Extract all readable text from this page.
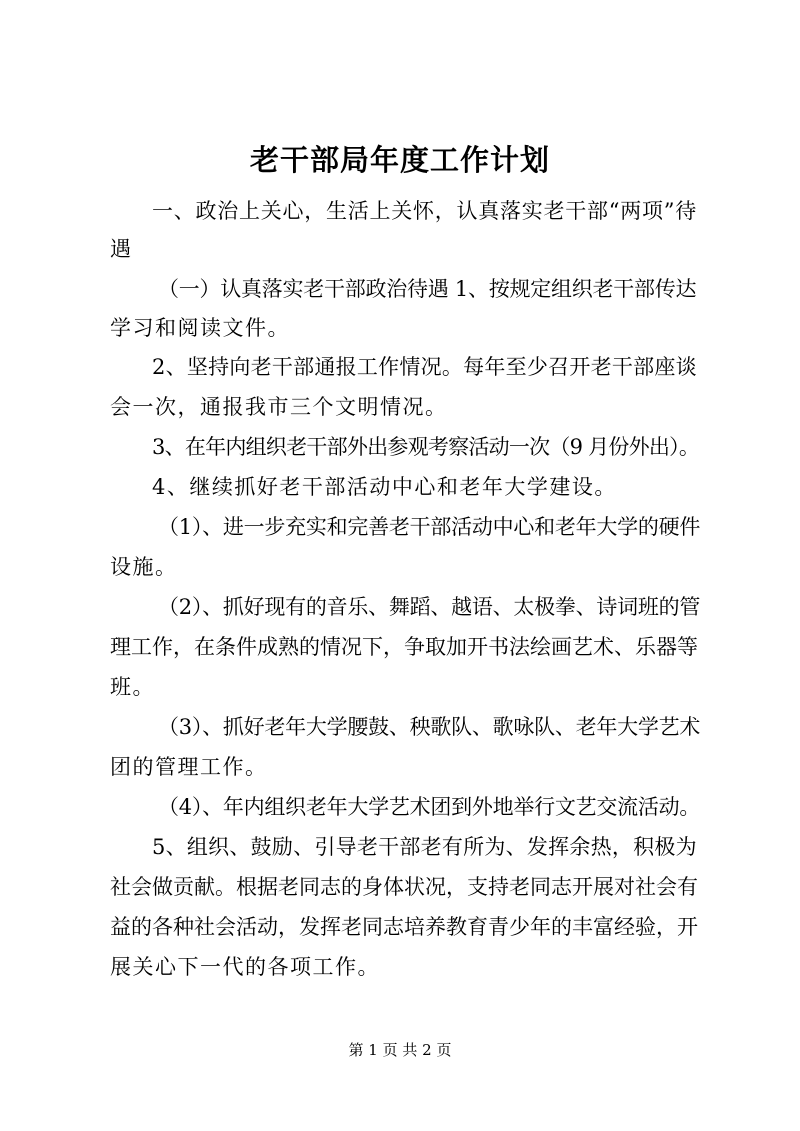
老干部局年度工作计划
一、政治上关心，生活上关怀，认真落实老干部“两项”待
遇
（一）认真落实老干部政治待遇 1、按规定组织老干部传达
学习和阅读文件。
2、坚持向老干部通报工作情况。每年至少召开老干部座谈
会一次，通报我市三个文明情况。
3、在年内组织老干部外出参观考察活动一次（9 月份外出）。
4、继续抓好老干部活动中心和老年大学建设。
（1）、进一步充实和完善老干部活动中心和老年大学的硬件
设施。
（2）、抓好现有的音乐、舞蹈、越语、太极拳、诗词班的管
理工作，在条件成熟的情况下，争取加开书法绘画艺术、乐器等
班。
（3）、抓好老年大学腰鼓、秧歌队、歌咏队、老年大学艺术
团的管理工作。
（4）、年内组织老年大学艺术团到外地举行文艺交流活动。
5、组织、鼓励、引导老干部老有所为、发挥余热，积极为
社会做贡献。根据老同志的身体状况，支持老同志开展对社会有
益的各种社会活动，发挥老同志培养教育青少年的丰富经验，开
展关心下一代的各项工作。
第 1 页 共 2 页
